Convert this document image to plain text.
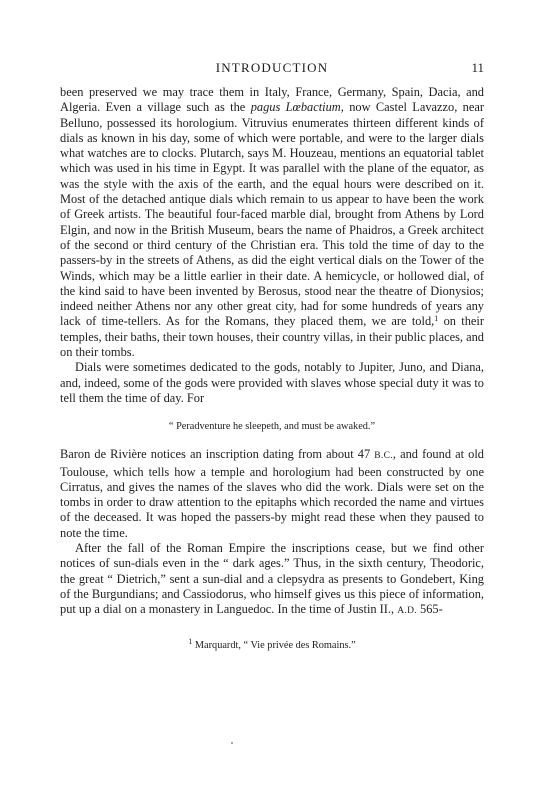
INTRODUCTION	11

been preserved we may trace them in Italy, France, Germany, Spain, Dacia, and Algeria. Even a village such as the pagus Lœbactium, now Castel Lavazzo, near Belluno, possessed its horologium. Vitruvius enumerates thirteen different kinds of dials as known in his day, some of which were portable, and were to the larger dials what watches are to clocks. Plutarch, says M. Houzeau, mentions an equatorial tablet which was used in his time in Egypt. It was parallel with the plane of the equator, as was the style with the axis of the earth, and the equal hours were described on it. Most of the detached antique dials which remain to us appear to have been the work of Greek artists. The beautiful four-faced marble dial, brought from Athens by Lord Elgin, and now in the British Museum, bears the name of Phaidros, a Greek architect of the second or third century of the Christian era. This told the time of day to the passers-by in the streets of Athens, as did the eight vertical dials on the Tower of the Winds, which may be a little earlier in their date. A hemicycle, or hollowed dial, of the kind said to have been invented by Berosus, stood near the theatre of Dionysios; indeed neither Athens nor any other great city, had for some hundreds of years any lack of time-tellers. As for the Romans, they placed them, we are told,$^1$ on their temples, their baths, their town houses, their country villas, in their public places, and on their tombs.

Dials were sometimes dedicated to the gods, notably to Jupiter, Juno, and Diana, and, indeed, some of the gods were provided with slaves whose special duty it was to tell them the time of day. For

“ Peradventure he sleepeth, and must be awaked.”

Baron de Rivière notices an inscription dating from about 47 B.C., and found at old Toulouse, which tells how a temple and horologium had been constructed by one Cirratus, and gives the names of the slaves who did the work. Dials were set on the tombs in order to draw attention to the epitaphs which recorded the name and virtues of the deceased. It was hoped the passers-by might read these when they paused to note the time.

After the fall of the Roman Empire the inscriptions cease, but we find other notices of sun-dials even in the “ dark ages.” Thus, in the sixth century, Theodoric, the great “ Dietrich,” sent a sun-dial and a clepsydra as presents to Gondebert, King of the Burgundians; and Cassiodorus, who himself gives us this piece of information, put up a dial on a monastery in Languedoc. In the time of Justin II., A.D. 565-

$^1$ Marquardt, “ Vie privée des Romains.”
